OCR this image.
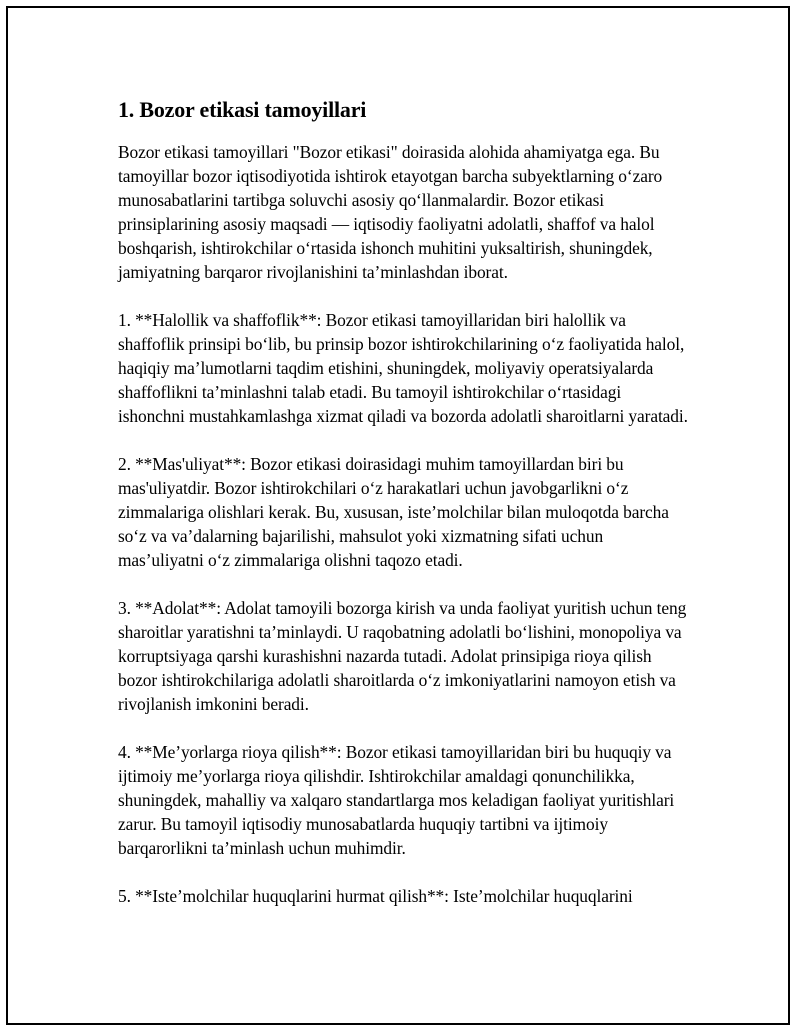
1. Bozor etikasi tamoyillari

Bozor etikasi tamoyillari "Bozor etikasi" doirasida alohida ahamiyatga ega. Bu tamoyillar bozor iqtisodiyotida ishtirok etayotgan barcha subyektlarning o‘zaro munosabatlarini tartibga soluvchi asosiy qo‘llanmalardir. Bozor etikasi prinsiplarining asosiy maqsadi — iqtisodiy faoliyatni adolatli, shaffof va halol boshqarish, ishtirokchilar o‘rtasida ishonch muhitini yuksaltirish, shuningdek, jamiyatning barqaror rivojlanishini ta’minlashdan iborat.

1. **Halollik va shaffoflik**: Bozor etikasi tamoyillaridan biri halollik va shaffoflik prinsipi bo‘lib, bu prinsip bozor ishtirokchilarining o‘z faoliyatida halol, haqiqiy ma’lumotlarni taqdim etishini, shuningdek, moliyaviy operatsiyalarda shaffoflikni ta’minlashni talab etadi. Bu tamoyil ishtirokchilar o‘rtasidagi ishonchni mustahkamlashga xizmat qiladi va bozorda adolatli sharoitlarni yaratadi.

2. **Mas'uliyat**: Bozor etikasi doirasidagi muhim tamoyillardan biri bu mas'uliyatdir. Bozor ishtirokchilari o‘z harakatlari uchun javobgarlikni o‘z zimmalariga olishlari kerak. Bu, xususan, iste’molchilar bilan muloqotda barcha so‘z va va’dalarning bajarilishi, mahsulot yoki xizmatning sifati uchun mas’uliyatni o‘z zimmalariga olishni taqozo etadi.

3. **Adolat**: Adolat tamoyili bozorga kirish va unda faoliyat yuritish uchun teng sharoitlar yaratishni ta’minlaydi. U raqobatning adolatli bo‘lishini, monopoliya va korruptsiyaga qarshi kurashishni nazarda tutadi. Adolat prinsipiga rioya qilish bozor ishtirokchilariga adolatli sharoitlarda o‘z imkoniyatlarini namoyon etish va rivojlanish imkonini beradi.

4. **Me’yorlarga rioya qilish**: Bozor etikasi tamoyillaridan biri bu huquqiy va ijtimoiy me’yorlarga rioya qilishdir. Ishtirokchilar amaldagi qonunchilikka, shuningdek, mahalliy va xalqaro standartlarga mos keladigan faoliyat yuritishlari zarur. Bu tamoyil iqtisodiy munosabatlarda huquqiy tartibni va ijtimoiy barqarorlikni ta’minlash uchun muhimdir.

5. **Iste’molchilar huquqlarini hurmat qilish**: Iste’molchilar huquqlarini
